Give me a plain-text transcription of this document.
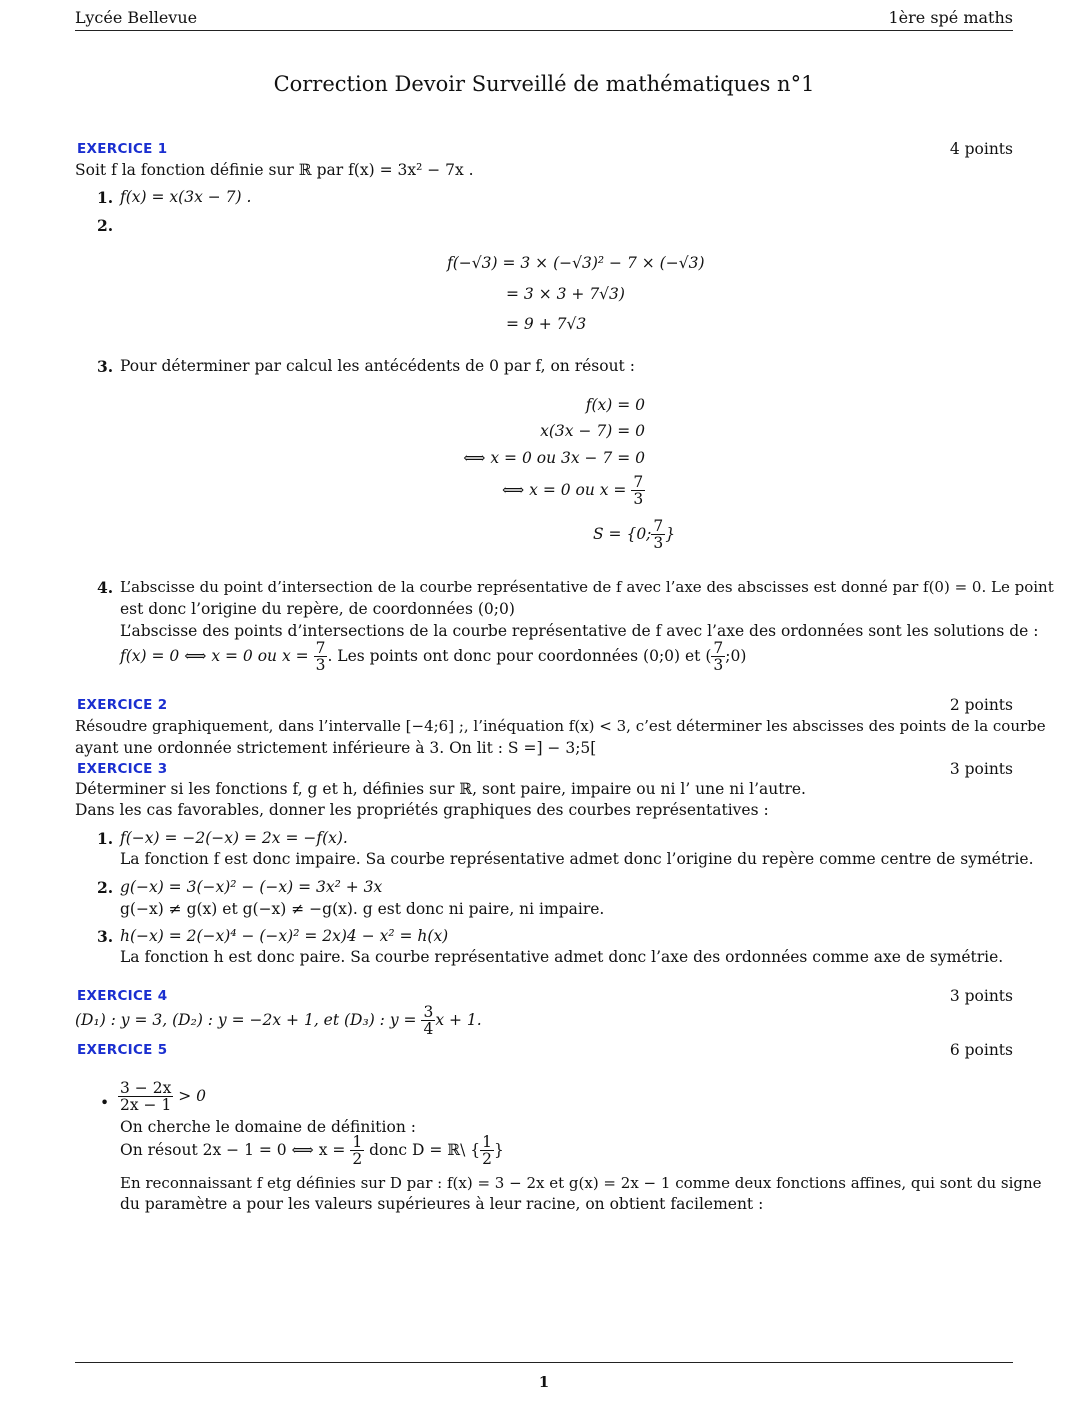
Lycée Bellevue	1ère spé maths
Correction Devoir Surveillé de mathématiques n°1
EXERCICE 1	4 points
Soit f la fonction définie sur ℝ par f(x) = 3x² − 7x .
1. f(x) = x(3x − 7) .
2.
f(−√3) = 3 × (−√3)² − 7 × (−√3)
= 3 × 3 + 7√3)
= 9 + 7√3
3. Pour déterminer par calcul les antécédents de 0 par f, on résout :
f(x) = 0
x(3x − 7) = 0
⟺ x = 0 ou 3x − 7 = 0
⟺ x = 0 ou $x = \frac{7}{3}$
S = {0; $\frac{7}{3}$ }
4. L’abscisse du point d’intersection de la courbe représentative de f avec l’axe des abscisses est donné par f(0) = 0. Le point
est donc l’origine du repère, de coordonnées (0;0)
L’abscisse des points d’intersections de la courbe représentative de f avec l’axe des ordonnées sont les solutions de :
f(x) = 0 ⟺ x = 0 ou $x = \frac{7}{3}$ . Les points ont donc pour coordonnées (0;0) et ( $\frac{7}{3}$ ;0)
EXERCICE 2	2 points
Résoudre graphiquement, dans l’intervalle [−4;6] ;, l’inéquation f(x) < 3, c’est déterminer les abscisses des points de la courbe
ayant une ordonnée strictement inférieure à 3. On lit : S =] − 3;5[
EXERCICE 3	3 points
Déterminer si les fonctions f, g et h, définies sur ℝ, sont paire, impaire ou ni l’ une ni l’autre.
Dans les cas favorables, donner les propriétés graphiques des courbes représentatives :
1. f(−x) = −2(−x) = 2x = −f(x).
La fonction f est donc impaire. Sa courbe représentative admet donc l’origine du repère comme centre de symétrie.
2. g(−x) = 3(−x)² − (−x) = 3x² + 3x
g(−x) ≠ g(x) et g(−x) ≠ −g(x). g est donc ni paire, ni impaire.
3. h(−x) = 2(−x)⁴ − (−x)² = 2x)4 − x² = h(x)
La fonction h est donc paire. Sa courbe représentative admet donc l’axe des ordonnées comme axe de symétrie.
EXERCICE 4	3 points
(D₁) : y = 3, (D₂) : y = −2x + 1, et (D₃) : $y = \frac{3}{4}$ x + 1.
EXERCICE 5	6 points
• $\frac{3 - 2x}{2x - 1} > 0$
On cherche le domaine de définition :
On résout 2x − 1 = 0 ⟺ $x = \frac{1}{2}$ donc D = ℝ\ { $\frac{1}{2}$ }
En reconnaissant f etg définies sur D par : f(x) = 3 − 2x et g(x) = 2x − 1 comme deux fonctions affines, qui sont du signe
du paramètre a pour les valeurs supérieures à leur racine, on obtient facilement :
1
